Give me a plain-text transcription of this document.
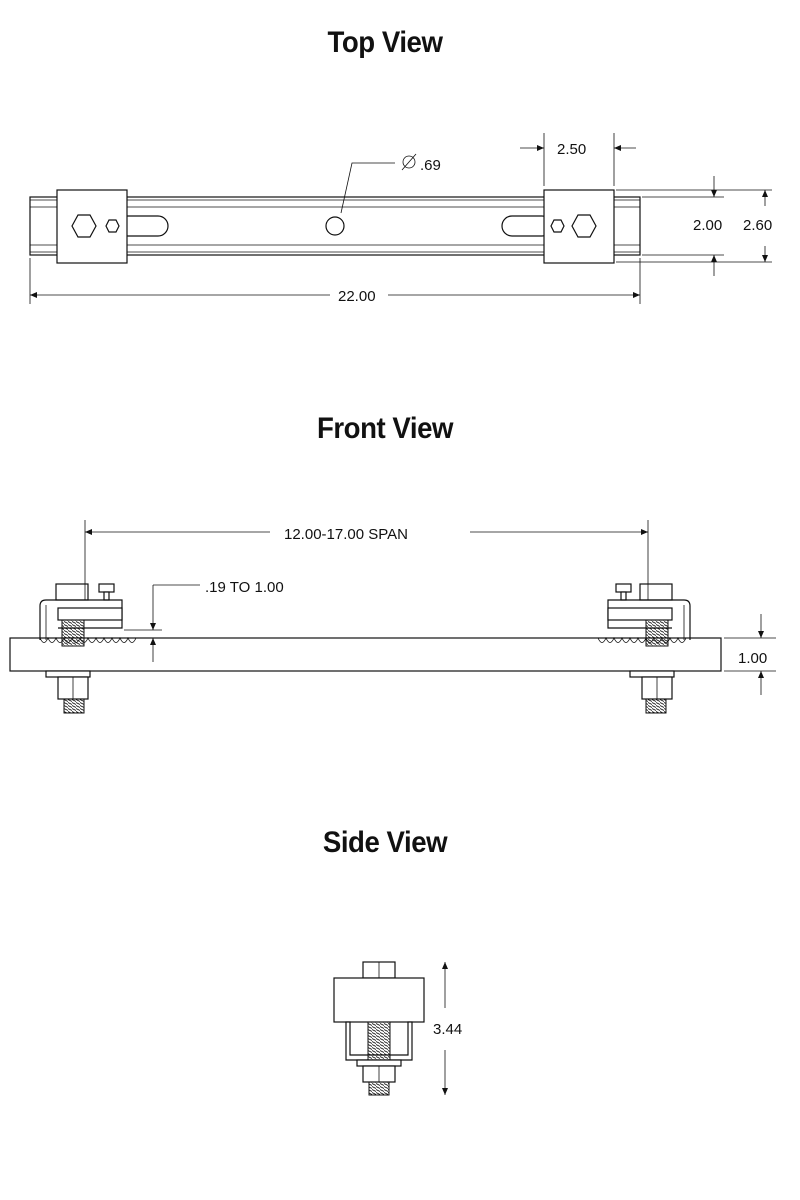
Top View
Front View
Side View
.69
2.50
2.00 2.60
22.00
12.00-17.00 SPAN
.19 TO 1.00
1.00
3.44
